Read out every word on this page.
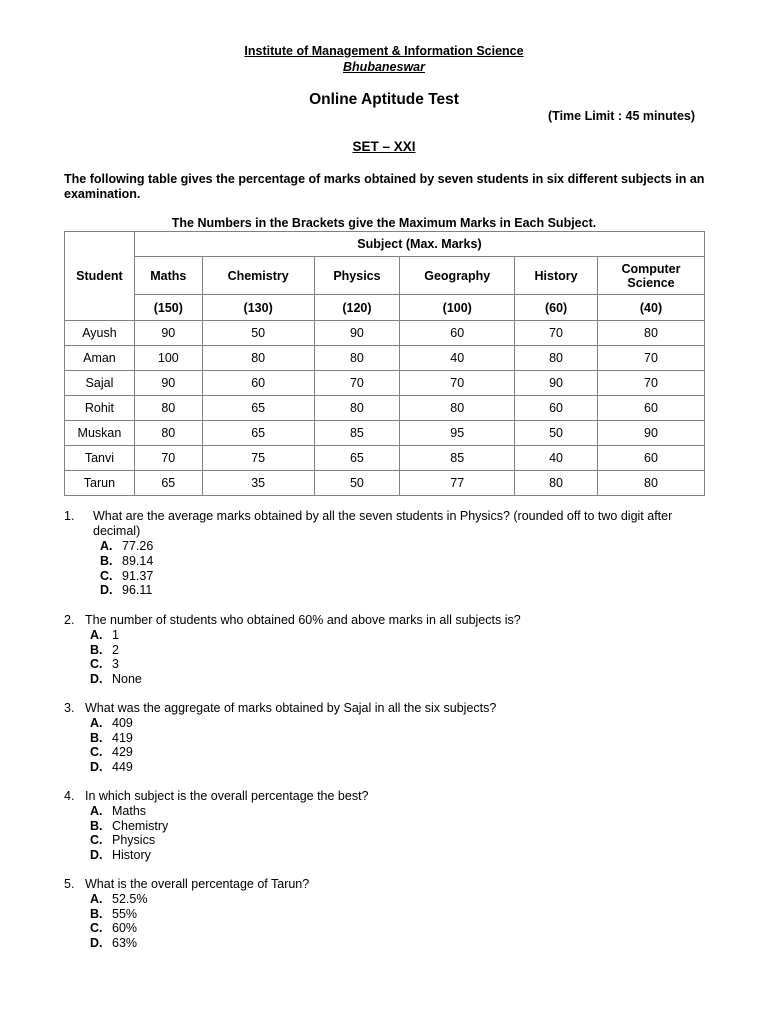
Institute of Management & Information Science
Bhubaneswar
Online Aptitude Test
(Time Limit : 45 minutes)
SET – XXI
The following table gives the percentage of marks obtained by seven students in six different subjects in an examination.
The Numbers in the Brackets give the Maximum Marks in Each Subject.
Student	Subject (Max. Marks)					
	Maths	Chemistry	Physics	Geography	History	Computer Science
	(150)	(130)	(120)	(100)	(60)	(40)
Ayush	90	50	90	60	70	80
Aman	100	80	80	40	80	70
Sajal	90	60	70	70	90	70
Rohit	80	65	80	80	60	60
Muskan	80	65	85	95	50	90
Tanvi	70	75	65	85	40	60
Tarun	65	35	50	77	80	80
1. What are the average marks obtained by all the seven students in Physics? (rounded off to two digit after decimal)
A. 77.26
B. 89.14
C. 91.37
D. 96.11
2. The number of students who obtained 60% and above marks in all subjects is?
A. 1
B. 2
C. 3
D. None
3. What was the aggregate of marks obtained by Sajal in all the six subjects?
A. 409
B. 419
C. 429
D. 449
4. In which subject is the overall percentage the best?
A. Maths
B. Chemistry
C. Physics
D. History
5. What is the overall percentage of Tarun?
A. 52.5%
B. 55%
C. 60%
D. 63%
